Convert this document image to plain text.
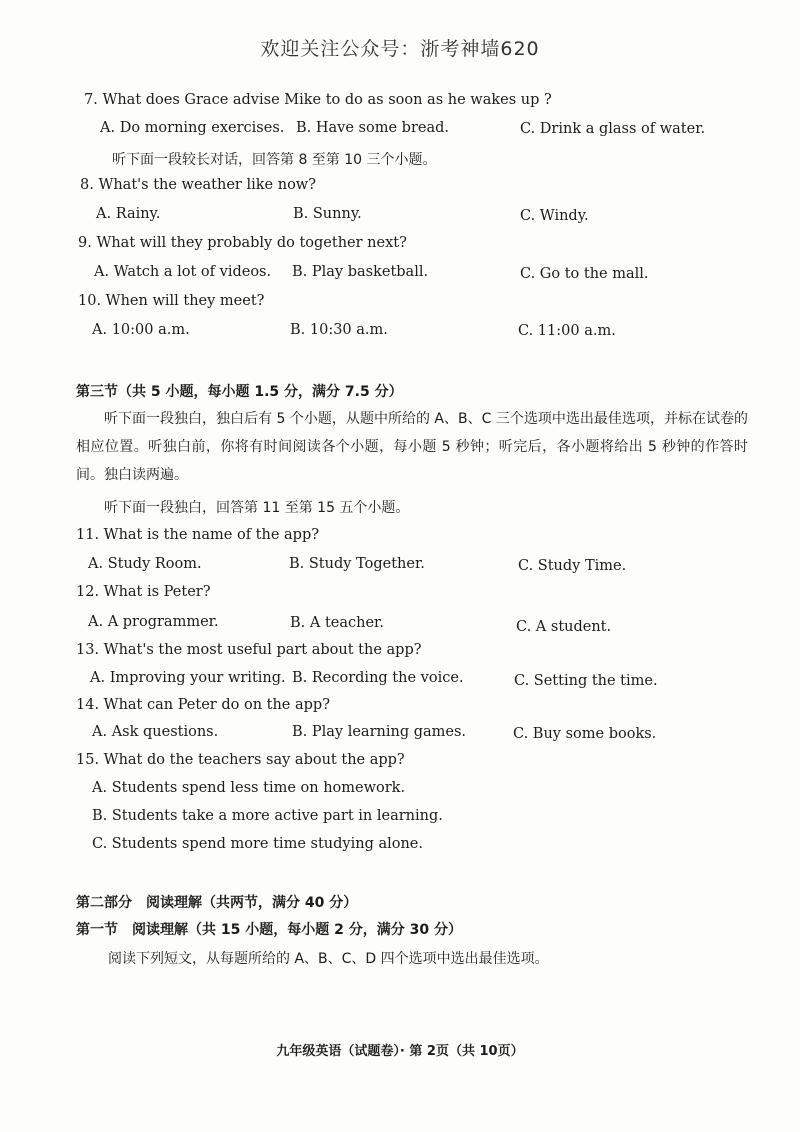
欢迎关注公众号：浙考神墙620
7. What does Grace advise Mike to do as soon as he wakes up ?
A. Do morning exercises. B. Have some bread.	C. Drink a glass of water.
听下面一段较长对话，回答第 8 至第 10 三个小题。
8. What's the weather like now?
A. Rainy.	B. Sunny.	C. Windy.
9. What will they probably do together next?
A. Watch a lot of videos. B. Play basketball.	C. Go to the mall.
10. When will they meet?
A. 10:00 a.m.	B. 10:30 a.m.	C. 11:00 a.m.
第三节（共 5 小题，每小题 1.5 分，满分 7.5 分）
听下面一段独白，独白后有 5 个小题，从题中所给的 A、B、C 三个选项中选出最佳选项，并标在试卷的相应位置。听独白前，你将有时间阅读各个小题，每小题 5 秒钟；听完后，各小题将给出 5 秒钟的作答时间。独白读两遍。
听下面一段独白，回答第 11 至第 15 五个小题。
11. What is the name of the app?
A. Study Room.	B. Study Together.	C. Study Time.
12. What is Peter?
A. A programmer.	B. A teacher.	C. A student.
13. What's the most useful part about the app?
A. Improving your writing. B. Recording the voice.	C. Setting the time.
14. What can Peter do on the app?
A. Ask questions.	B. Play learning games.	C. Buy some books.
15. What do the teachers say about the app?
A. Students spend less time on homework.
B. Students take a more active part in learning.
C. Students spend more time studying alone.
第二部分　阅读理解（共两节，满分 40 分）
第一节　阅读理解（共 15 小题，每小题 2 分，满分 30 分）
阅读下列短文，从每题所给的 A、B、C、D 四个选项中选出最佳选项。
九年级英语（试题卷）· 第 2页（共 10页）
